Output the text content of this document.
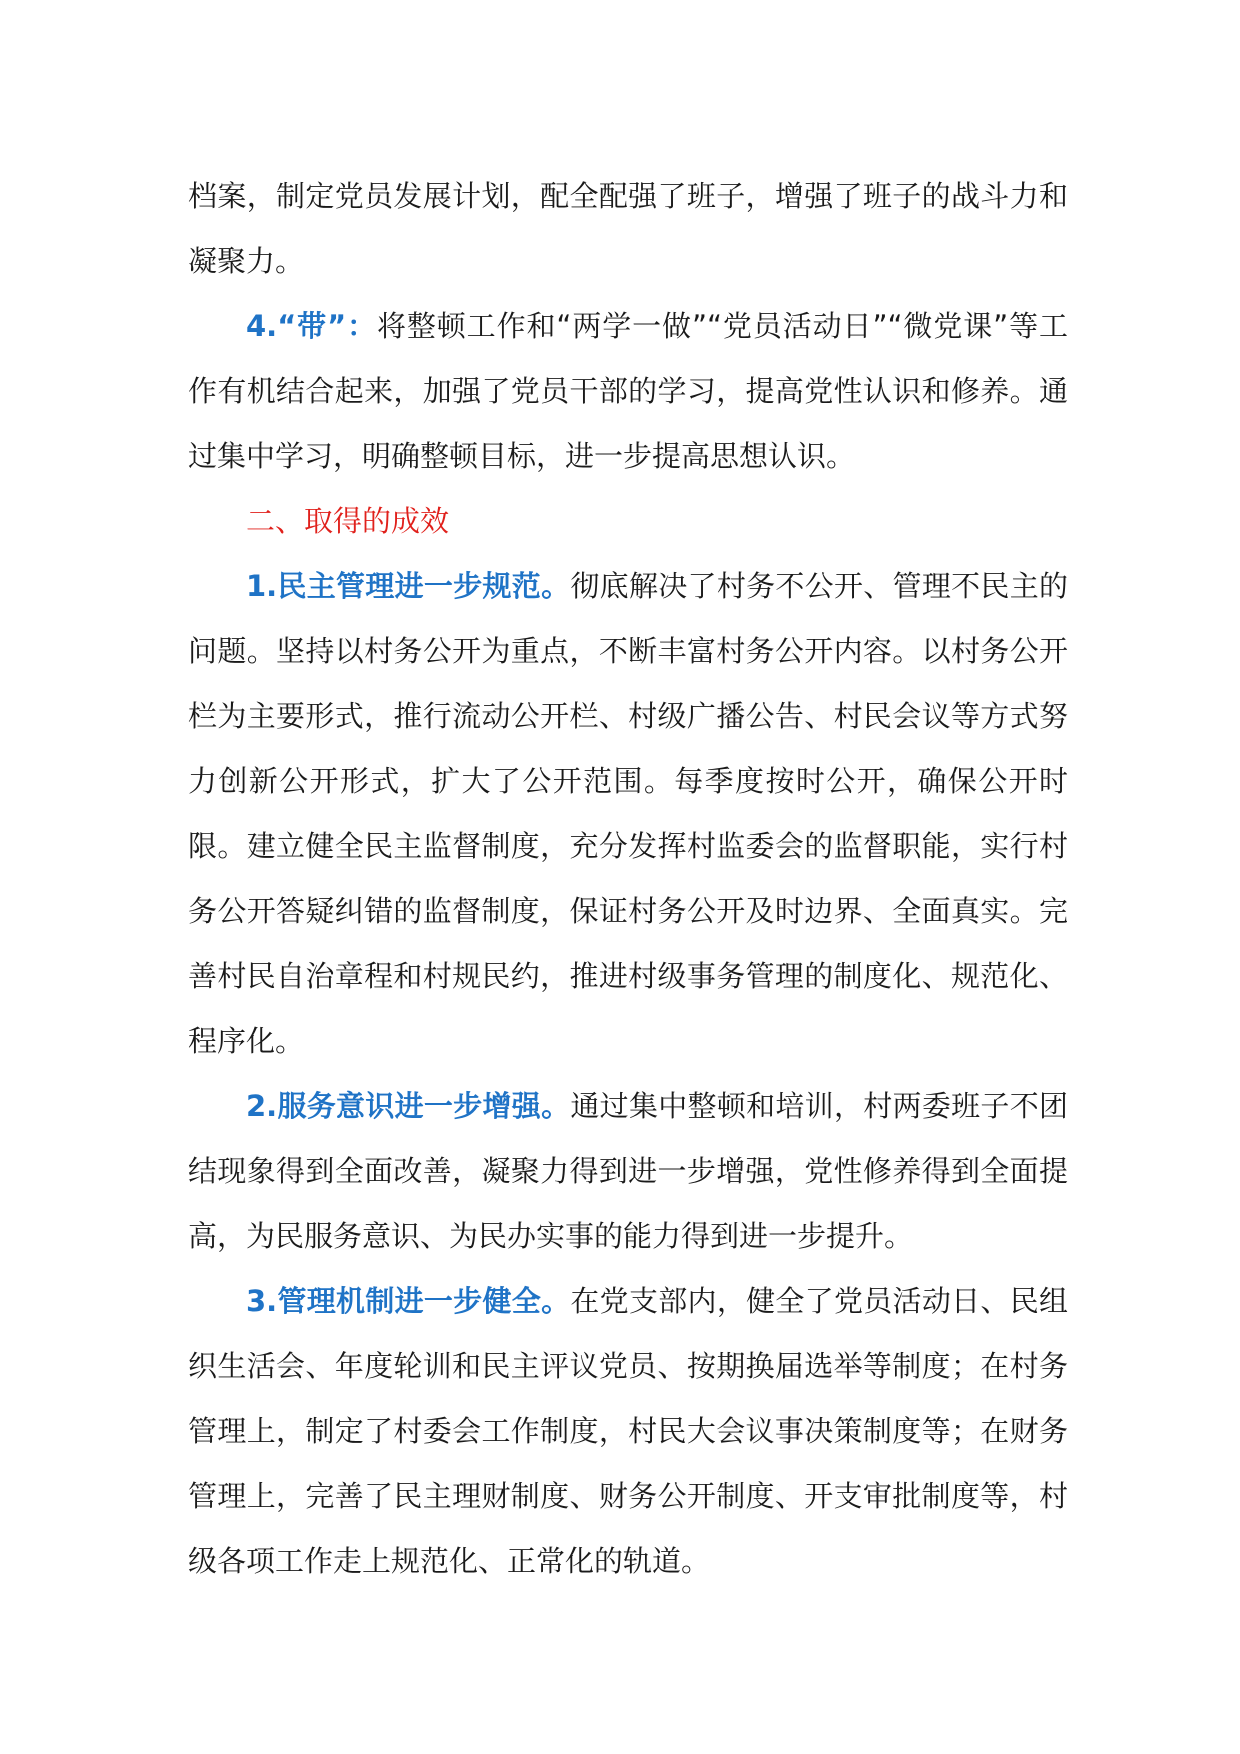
档案，制定党员发展计划，配全配强了班子，增强了班子的战斗力和凝聚力。

4.“带”：将整顿工作和“两学一做”“党员活动日”“微党课”等工作有机结合起来，加强了党员干部的学习，提高党性认识和修养。通过集中学习，明确整顿目标，进一步提高思想认识。

二、取得的成效

1.民主管理进一步规范。彻底解决了村务不公开、管理不民主的问题。坚持以村务公开为重点，不断丰富村务公开内容。以村务公开栏为主要形式，推行流动公开栏、村级广播公告、村民会议等方式努力创新公开形式，扩大了公开范围。每季度按时公开，确保公开时限。建立健全民主监督制度，充分发挥村监委会的监督职能，实行村务公开答疑纠错的监督制度，保证村务公开及时边界、全面真实。完善村民自治章程和村规民约，推进村级事务管理的制度化、规范化、程序化。

2.服务意识进一步增强。通过集中整顿和培训，村两委班子不团结现象得到全面改善，凝聚力得到进一步增强，党性修养得到全面提高，为民服务意识、为民办实事的能力得到进一步提升。

3.管理机制进一步健全。在党支部内，健全了党员活动日、民组织生活会、年度轮训和民主评议党员、按期换届选举等制度；在村务管理上，制定了村委会工作制度，村民大会议事决策制度等；在财务管理上，完善了民主理财制度、财务公开制度、开支审批制度等，村级各项工作走上规范化、正常化的轨道。
